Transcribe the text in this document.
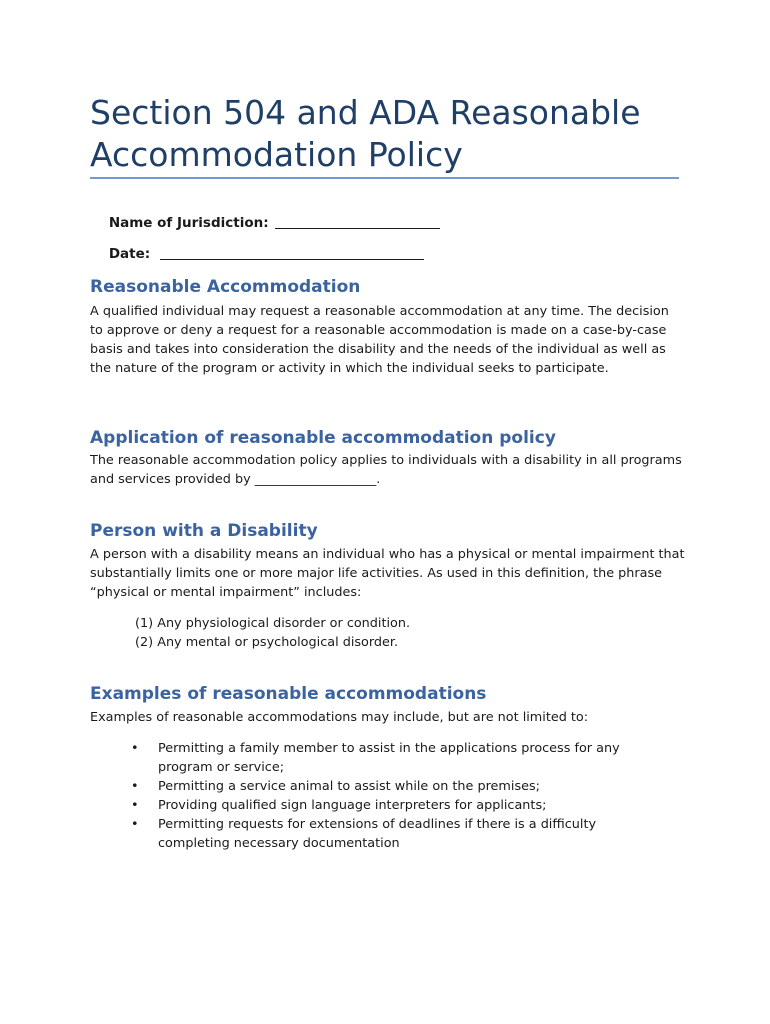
Section 504 and ADA Reasonable Accommodation Policy

Name of Jurisdiction:

Date:

Reasonable Accommodation

A qualified individual may request a reasonable accommodation at any time. The decision to approve or deny a request for a reasonable accommodation is made on a case-by-case basis and takes into consideration the disability and the needs of the individual as well as the nature of the program or activity in which the individual seeks to participate.

Application of reasonable accommodation policy

The reasonable accommodation policy applies to individuals with a disability in all programs and services provided by ___________________.

Person with a Disability

A person with a disability means an individual who has a physical or mental impairment that substantially limits one or more major life activities. As used in this definition, the phrase “physical or mental impairment” includes:

(1) Any physiological disorder or condition.
(2) Any mental or psychological disorder.
Examples of reasonable accommodations

Examples of reasonable accommodations may include, but are not limited to:

• Permitting a family member to assist in the applications process for any program or service;
• Permitting a service animal to assist while on the premises;
• Providing qualified sign language interpreters for applicants;
• Permitting requests for extensions of deadlines if there is a difficulty completing necessary documentation
